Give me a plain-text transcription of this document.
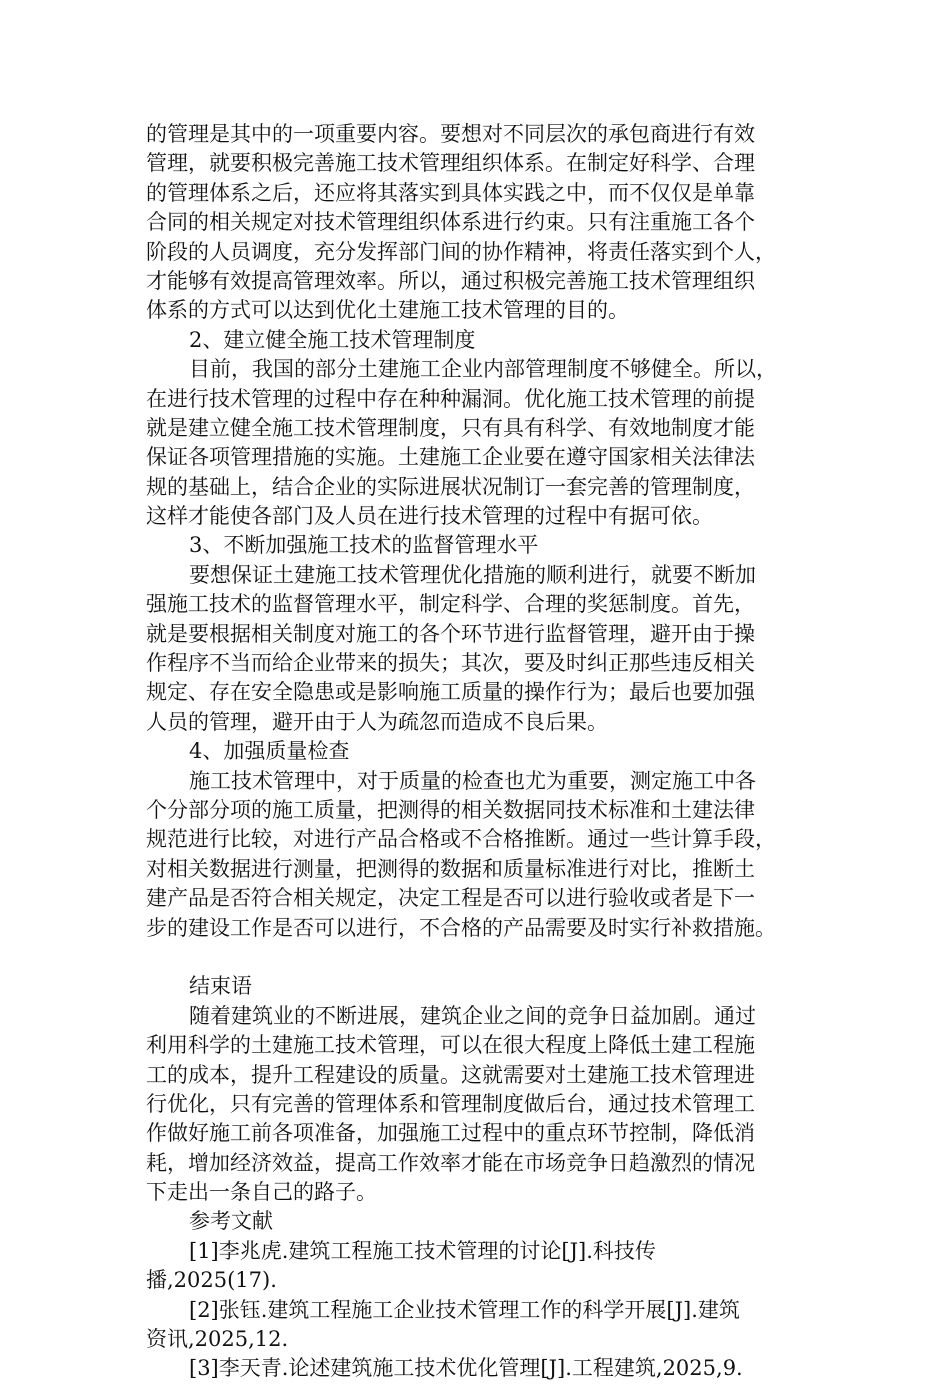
的管理是其中的一项重要内容。要想对不同层次的承包商进行有效
管理，就要积极完善施工技术管理组织体系。在制定好科学、合理
的管理体系之后，还应将其落实到具体实践之中，而不仅仅是单靠
合同的相关规定对技术管理组织体系进行约束。只有注重施工各个
阶段的人员调度，充分发挥部门间的协作精神，将责任落实到个人，
才能够有效提高管理效率。所以，通过积极完善施工技术管理组织
体系的方式可以达到优化土建施工技术管理的目的。
2、建立健全施工技术管理制度
目前，我国的部分土建施工企业内部管理制度不够健全。所以，
在进行技术管理的过程中存在种种漏洞。优化施工技术管理的前提
就是建立健全施工技术管理制度，只有具有科学、有效地制度才能
保证各项管理措施的实施。土建施工企业要在遵守国家相关法律法
规的基础上，结合企业的实际进展状况制订一套完善的管理制度，
这样才能使各部门及人员在进行技术管理的过程中有据可依。
3、不断加强施工技术的监督管理水平
要想保证土建施工技术管理优化措施的顺利进行，就要不断加
强施工技术的监督管理水平，制定科学、合理的奖惩制度。首先，
就是要根据相关制度对施工的各个环节进行监督管理，避开由于操
作程序不当而给企业带来的损失；其次，要及时纠正那些违反相关
规定、存在安全隐患或是影响施工质量的操作行为；最后也要加强
人员的管理，避开由于人为疏忽而造成不良后果。
4、加强质量检查
施工技术管理中，对于质量的检查也尤为重要，测定施工中各
个分部分项的施工质量，把测得的相关数据同技术标准和土建法律
规范进行比较，对进行产品合格或不合格推断。通过一些计算手段，
对相关数据进行测量，把测得的数据和质量标准进行对比，推断土
建产品是否符合相关规定，决定工程是否可以进行验收或者是下一
步的建设工作是否可以进行，不合格的产品需要及时实行补救措施。
结束语
随着建筑业的不断进展，建筑企业之间的竞争日益加剧。通过
利用科学的土建施工技术管理，可以在很大程度上降低土建工程施
工的成本，提升工程建设的质量。这就需要对土建施工技术管理进
行优化，只有完善的管理体系和管理制度做后台，通过技术管理工
作做好施工前各项准备，加强施工过程中的重点环节控制，降低消
耗，增加经济效益，提高工作效率才能在市场竞争日趋激烈的情况
下走出一条自己的路子。
参考文献
[1]李兆虎.建筑工程施工技术管理的讨论[J].科技传
播,2025(17).
[2]张钰.建筑工程施工企业技术管理工作的科学开展[J].建筑
资讯,2025,12.
[3]李天青.论述建筑施工技术优化管理[J].工程建筑,2025,9.
